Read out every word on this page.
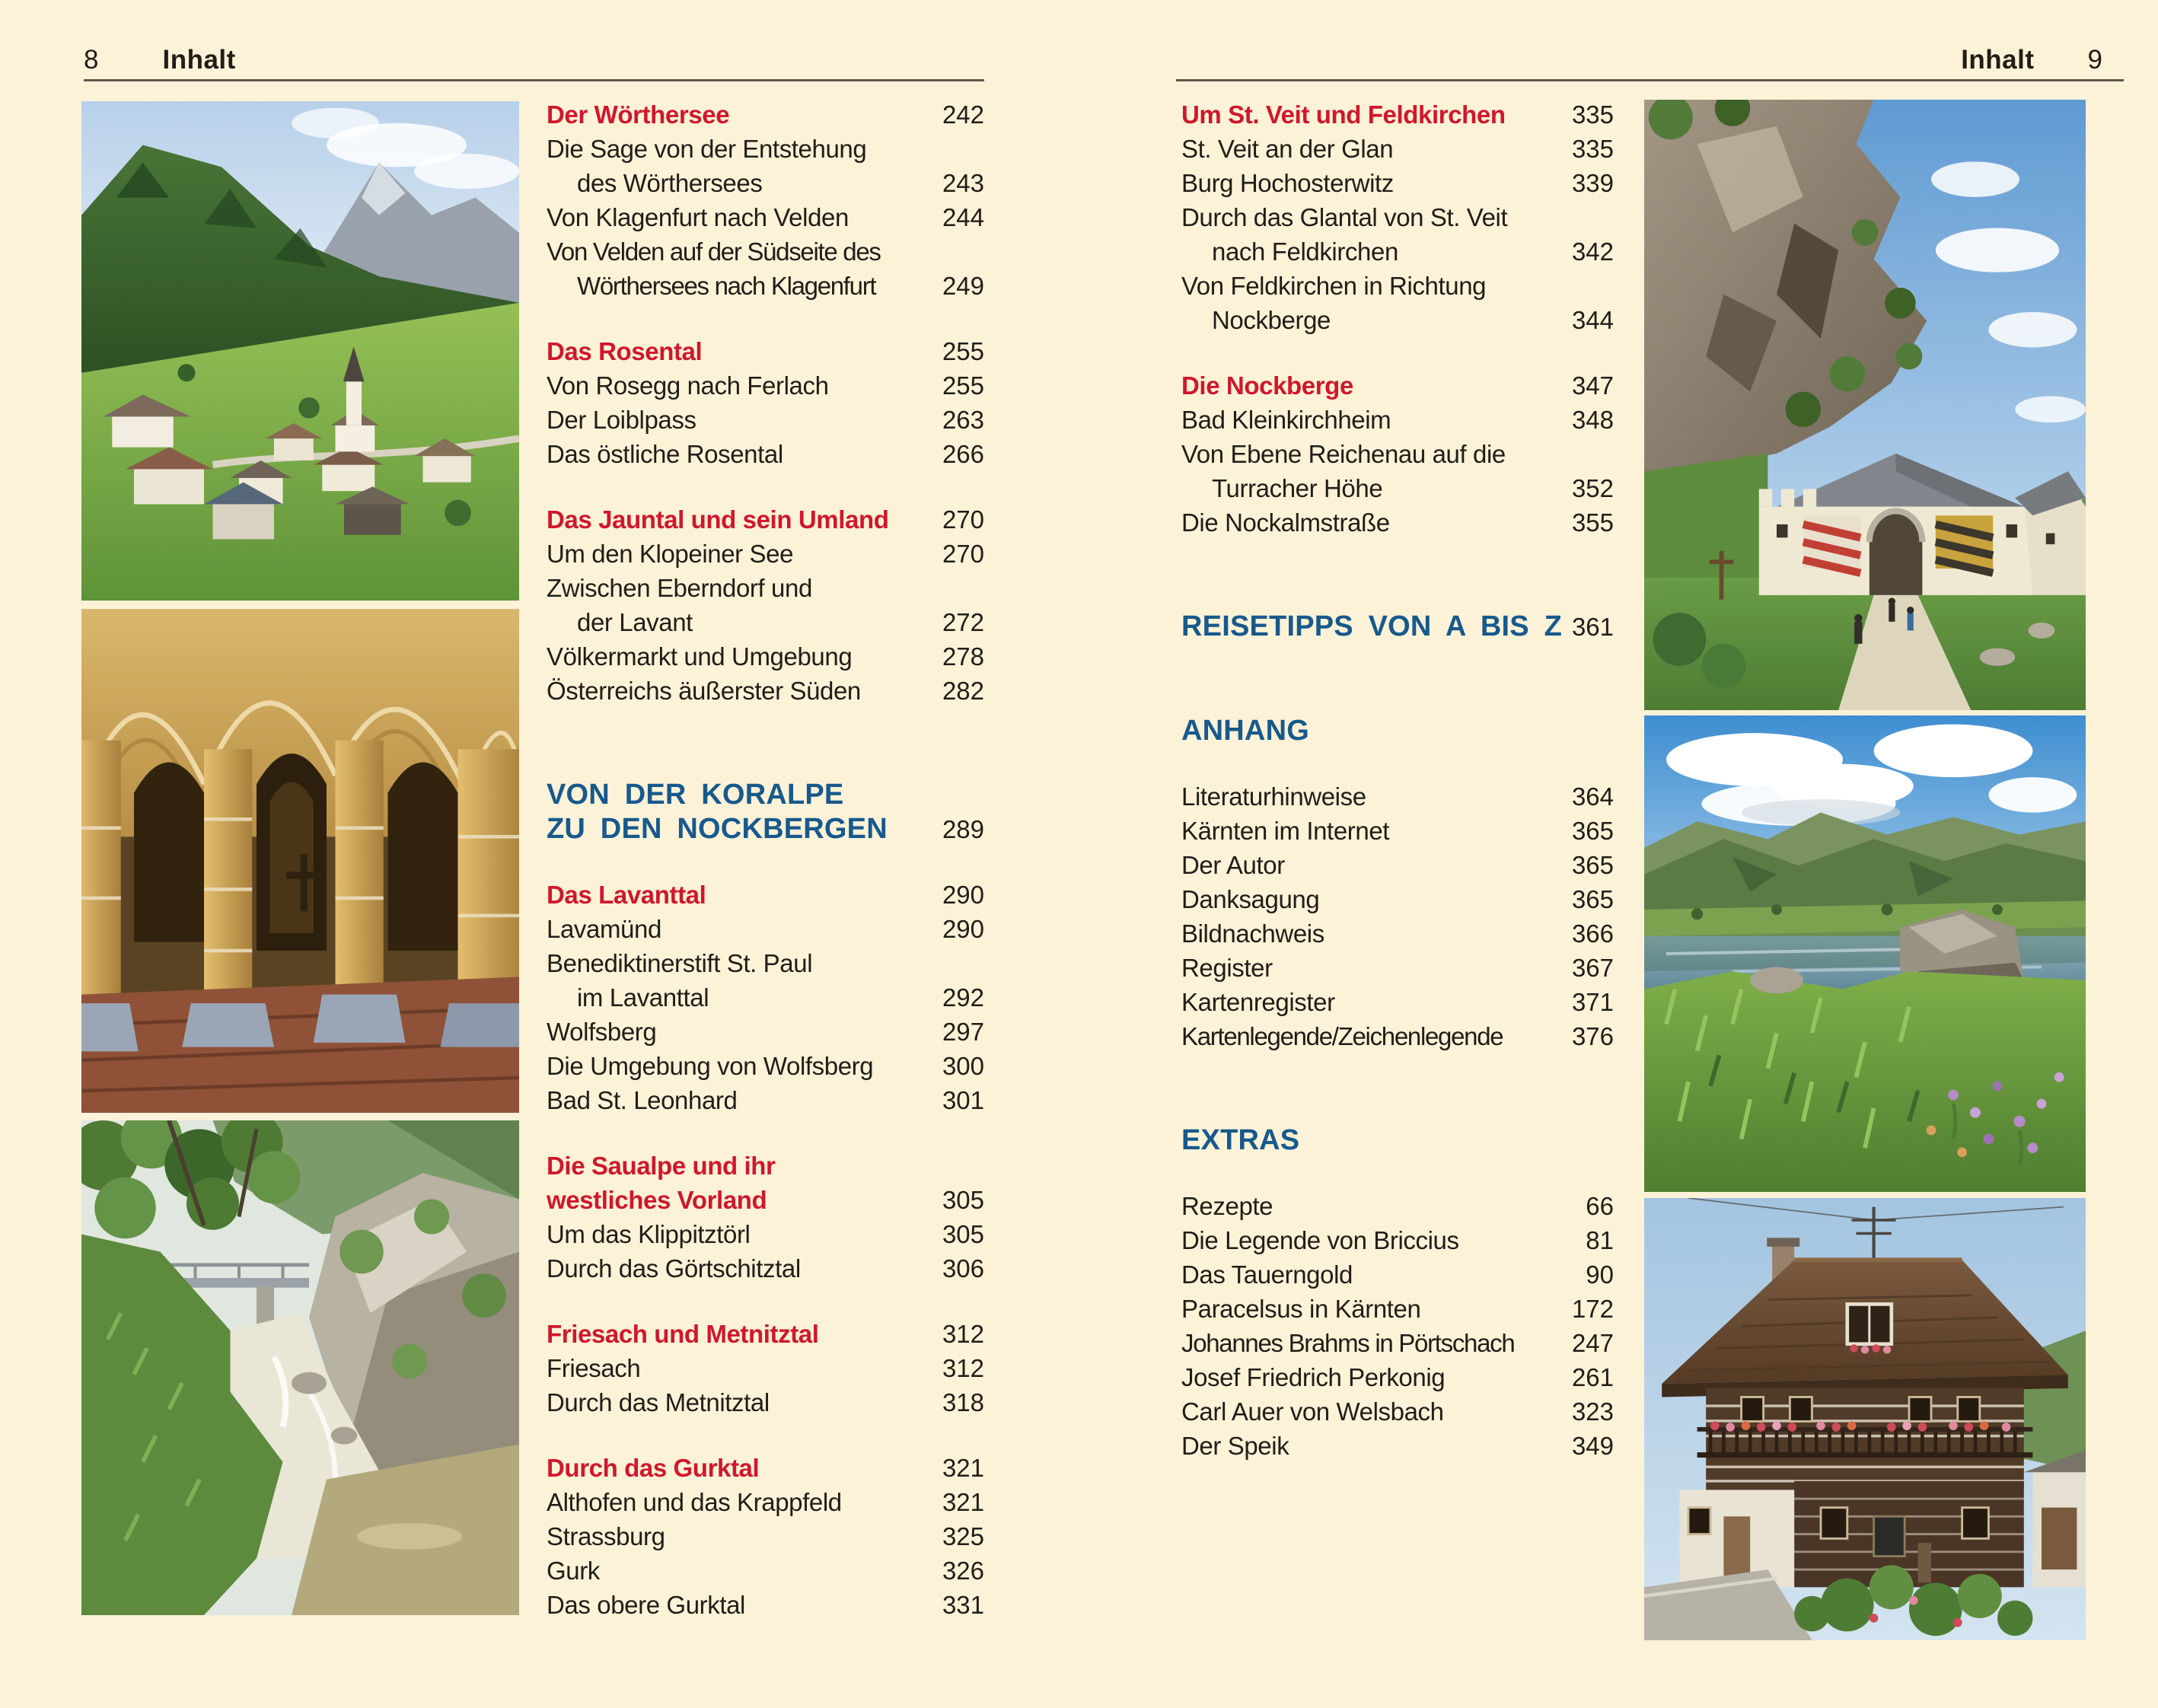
8 Inhalt	Inhalt 9
Der Wörthersee	242
Die Sage von der Entstehung
des Wörthersees	243
Von Klagenfurt nach Velden	244
Von Velden auf der Südseite des
Wörthersees nach Klagenfurt	249
Das Rosental	255
Von Rosegg nach Ferlach	255
Der Loiblpass	263
Das östliche Rosental	266
Das Jauntal und sein Umland	270
Um den Klopeiner See	270
Zwischen Eberndorf und
der Lavant	272
Völkermarkt und Umgebung	278
Österreichs äußerster Süden	282
VON DER KORALPE
ZU DEN NOCKBERGEN	289
Das Lavanttal	290
Lavamünd	290
Benediktinerstift St. Paul
im Lavanttal	292
Wolfsberg	297
Die Umgebung von Wolfsberg	300
Bad St. Leonhard	301
Die Saualpe und ihr
westliches Vorland	305
Um das Klippitztörl	305
Durch das Görtschitztal	306
Friesach und Metnitztal	312
Friesach	312
Durch das Metnitztal	318
Durch das Gurktal	321
Althofen und das Krappfeld	321
Strassburg	325
Gurk	326
Das obere Gurktal	331
Um St. Veit und Feldkirchen	335
St. Veit an der Glan	335
Burg Hochosterwitz	339
Durch das Glantal von St. Veit
nach Feldkirchen	342
Von Feldkirchen in Richtung
Nockberge	344
Die Nockberge	347
Bad Kleinkirchheim	348
Von Ebene Reichenau auf die
Turracher Höhe	352
Die Nockalmstraße	355
REISETIPPS VON A BIS Z 361
ANHANG
Literaturhinweise	364
Kärnten im Internet	365
Der Autor	365
Danksagung	365
Bildnachweis	366
Register	367
Kartenregister	371
Kartenlegende/Zeichenlegende	376
EXTRAS
Rezepte	66
Die Legende von Briccius	81
Das Tauerngold	90
Paracelsus in Kärnten	172
Johannes Brahms in Pörtschach	247
Josef Friedrich Perkonig	261
Carl Auer von Welsbach	323
Der Speik	349
